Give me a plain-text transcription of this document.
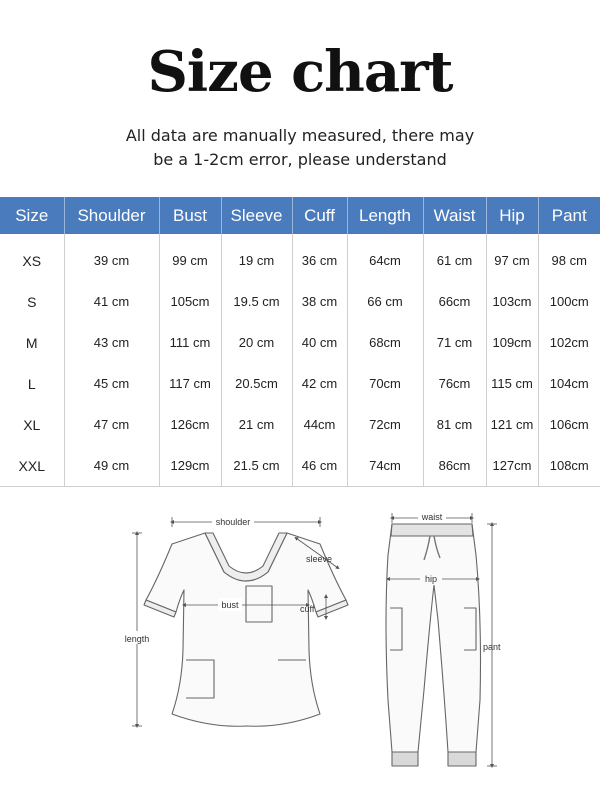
Size chart
All data are manually measured, there may
be a 1-2cm error, please understand
Size	Shoulder	Bust	Sleeve	Cuff	Length	Waist	Hip	Pant
XS	39 cm	99 cm	19 cm	36 cm	64cm	61 cm	97 cm	98 cm
S	41 cm	105cm	19.5 cm	38 cm	66 cm	66cm	103cm	100cm
M	43 cm	111 cm	20 cm	40 cm	68cm	71 cm	109cm	102cm
L	45 cm	117 cm	20.5cm	42 cm	70cm	76cm	115 cm	104cm
XL	47 cm	126cm	21 cm	44cm	72cm	81 cm	121 cm	106cm
XXL	49 cm	129cm	21.5 cm	46 cm	74cm	86cm	127cm	108cm
shoulder
bust
sleeve
cuff
length
waist
hip
pant
